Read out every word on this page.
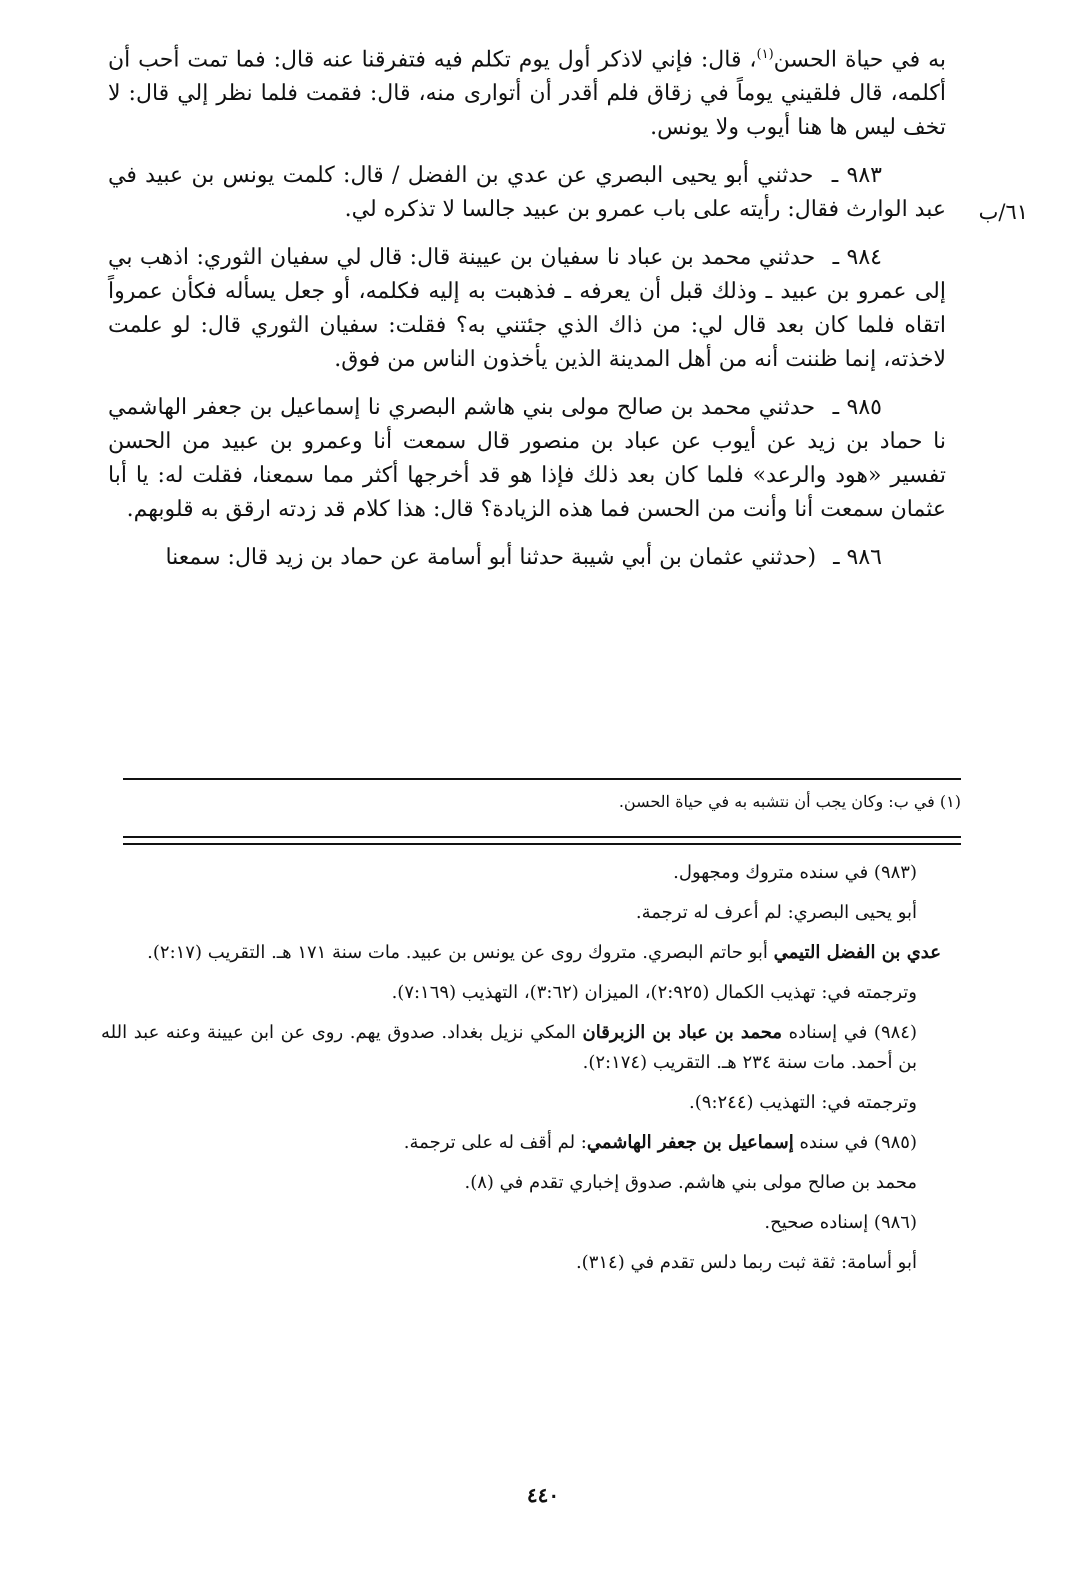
به في حياة الحسن$^{(١)}$، قال: فإني لاذكر أول يوم تكلم فيه فتفرقنا عنه قال: فما تمت أحب أن أكلمه، قال فلقيني يوماً في زقاق فلم أقدر أن أتوارى منه، قال: فقمت فلما نظر إلي قال: لا تخف ليس ها هنا أيوب ولا يونس.

٩٨٣ ـ حدثني أبو يحيى البصري عن عدي بن الفضل / قال: كلمت يونس بن عبيد في عبد الوارث فقال: رأيته على باب عمرو بن عبيد جالسا لا تذكره لي.

٩٨٤ ـ حدثني محمد بن عباد نا سفيان بن عيينة قال: قال لي سفيان الثوري: اذهب بي إلى عمرو بن عبيد ـ وذلك قبل أن يعرفه ـ فذهبت به إليه فكلمه، أو جعل يسأله فكأن عمرواً اتقاه فلما كان بعد قال لي: من ذاك الذي جئتني به؟ فقلت: سفيان الثوري قال: لو علمت لاخذته، إنما ظننت أنه من أهل المدينة الذين يأخذون الناس من فوق.

٩٨٥ ـ حدثني محمد بن صالح مولى بني هاشم البصري نا إسماعيل بن جعفر الهاشمي نا حماد بن زيد عن أيوب عن عباد بن منصور قال سمعت أنا وعمرو بن عبيد من الحسن تفسير «هود والرعد» فلما كان بعد ذلك فإذا هو قد أخرجها أكثر مما سمعنا، فقلت له: يا أبا عثمان سمعت أنا وأنت من الحسن فما هذه الزيادة؟ قال: هذا كلام قد زدته ارقق به قلوبهم.

٩٨٦ ـ (حدثني عثمان بن أبي شيبة حدثنا أبو أسامة عن حماد بن زيد قال: سمعنا

٦١/ب
(١) في ب: وكان يجب أن نتشبه به في حياة الحسن.

(٩٨٣) في سنده متروك ومجهول.

أبو يحيى البصري: لم أعرف له ترجمة.

عدي بن الفضل التيمي أبو حاتم البصري. متروك روى عن يونس بن عبيد. مات سنة ١٧١ هـ. التقريب (٢:١٧).

وترجمته في: تهذيب الكمال (٢:٩٢٥)، الميزان (٣:٦٢)، التهذيب (٧:١٦٩).

(٩٨٤) في إسناده محمد بن عباد بن الزبرقان المكي نزيل بغداد. صدوق يهم. روى عن ابن عيينة وعنه عبد الله بن أحمد. مات سنة ٢٣٤ هـ. التقريب (٢:١٧٤).

وترجمته في: التهذيب (٩:٢٤٤).

(٩٨٥) في سنده إسماعيل بن جعفر الهاشمي: لم أقف له على ترجمة.

محمد بن صالح مولى بني هاشم. صدوق إخباري تقدم في (٨).

(٩٨٦) إسناده صحيح.

أبو أسامة: ثقة ثبت ربما دلس تقدم في (٣١٤).

٤٤٠
